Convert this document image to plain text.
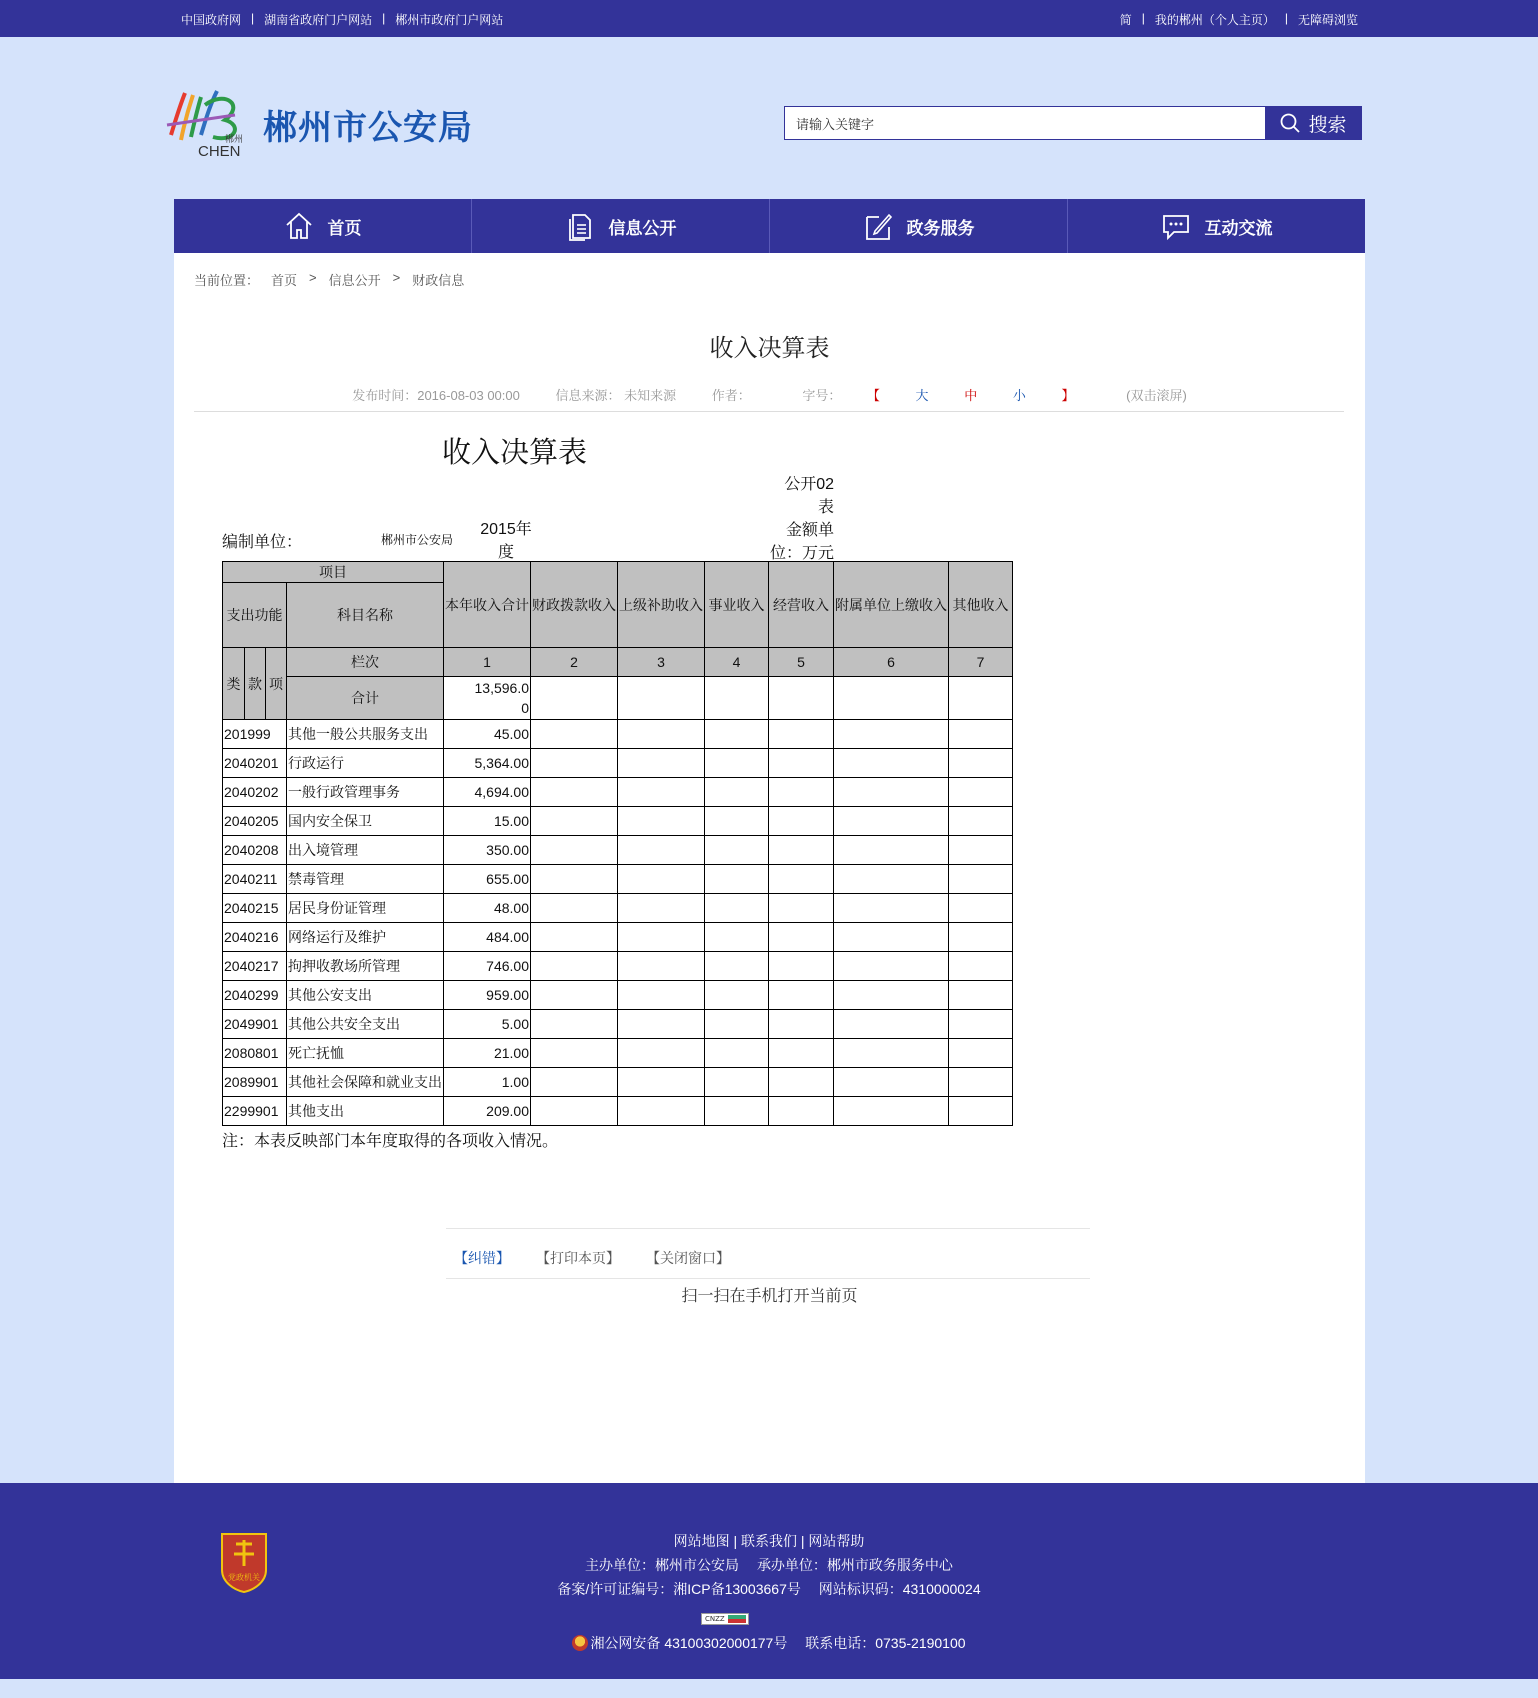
中国政府网 | 湖南省政府门户网站 | 郴州市政府门户网站	简 | 我的郴州（个人主页） | 无障碍浏览
郴州
CHEN
郴州市公安局
请输入关键字	搜索
首页	信息公开	政务服务	互动交流
当前位置： 首页 > 信息公开 > 财政信息
收入决算表
发布时间：2016-08-03 00:00	信息来源： 未知来源	作者：	字号： 【	大	中	小	】	(双击滚屏)
收入决算表
公开02
表
金额单
位：万元
编制单位：	郴州市公安局
2015年
度
项目				本年收入合计	财政拨款收入	上级补助收入	事业收入	经营收入	附属单位上缴收入	其他收入
支出功能			科目名称							
类	款	项	栏次	1	2	3	4	5	6	7
			合计	13,596.0
0						

201999			其他一般公共服务支出	45.00						
2040201			行政运行	5,364.00						
2040202			一般行政管理事务	4,694.00						
2040205			国内安全保卫	15.00						
2040208			出入境管理	350.00						
2040211			禁毒管理	655.00						
2040215			居民身份证管理	48.00						
2040216			网络运行及维护	484.00						
2040217			拘押收教场所管理	746.00						
2040299			其他公安支出	959.00						
2049901			其他公共安全支出	5.00						
2080801			死亡抚恤	21.00						
2089901			其他社会保障和就业支出	1.00						
2299901			其他支出	209.00						
注：本表反映部门本年度取得的各项收入情况。
【纠错】 【打印本页】 【关闭窗口】
扫一扫在手机打开当前页
党政机关
网站地图 | 联系我们 | 网站帮助
主办单位：郴州市公安局 承办单位：郴州市政务服务中心
备案/许可证编号：湘ICP备13003667号 网站标识码：4310000024
CNZZ
湘公网安备 43100302000177号 联系电话：0735-2190100
